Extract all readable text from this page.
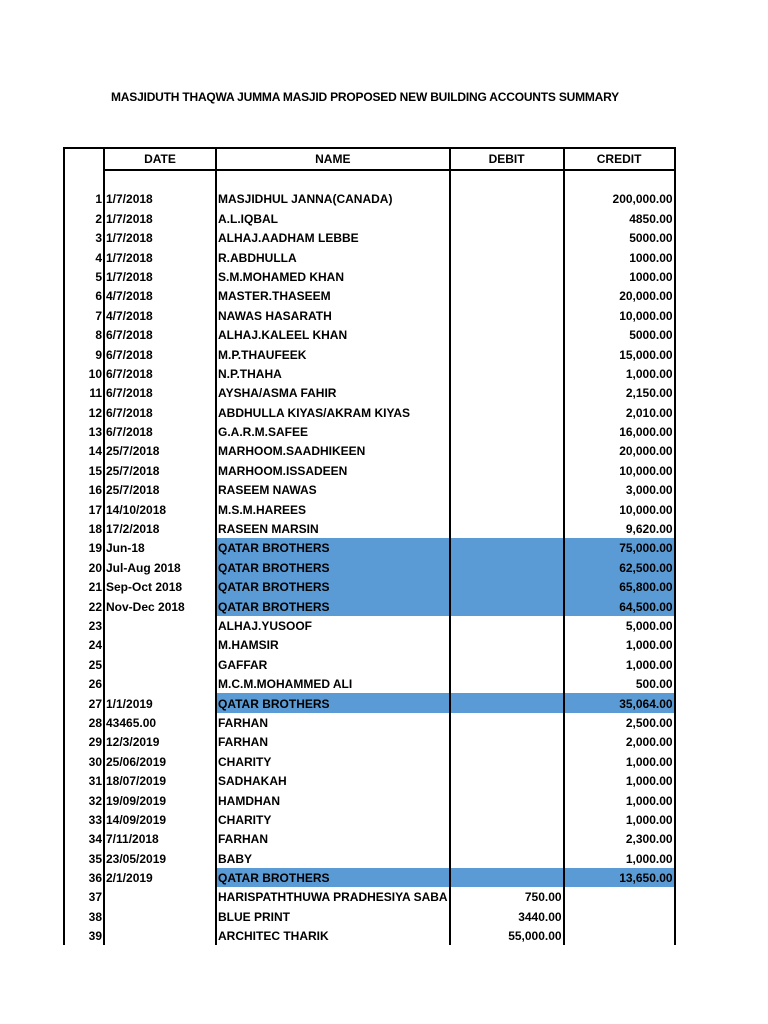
MASJIDUTH THAQWA JUMMA MASJID PROPOSED NEW BUILDING ACCOUNTS SUMMARY
	DATE	NAME	DEBIT	CREDIT

1	1/7/2018	MASJIDHUL JANNA(CANADA)		200,000.00
2	1/7/2018	A.L.IQBAL		4850.00
3	1/7/2018	ALHAJ.AADHAM LEBBE		5000.00
4	1/7/2018	R.ABDHULLA		1000.00
5	1/7/2018	S.M.MOHAMED KHAN		1000.00
6	4/7/2018	MASTER.THASEEM		20,000.00
7	4/7/2018	NAWAS HASARATH		10,000.00
8	6/7/2018	ALHAJ.KALEEL KHAN		5000.00
9	6/7/2018	M.P.THAUFEEK		15,000.00
10	6/7/2018	N.P.THAHA		1,000.00
11	6/7/2018	AYSHA/ASMA FAHIR		2,150.00
12	6/7/2018	ABDHULLA KIYAS/AKRAM KIYAS		2,010.00
13	6/7/2018	G.A.R.M.SAFEE		16,000.00
14	25/7/2018	MARHOOM.SAADHIKEEN		20,000.00
15	25/7/2018	MARHOOM.ISSADEEN		10,000.00
16	25/7/2018	RASEEM NAWAS		3,000.00
17	14/10/2018	M.S.M.HAREES		10,000.00
18	17/2/2018	RASEEN MARSIN		9,620.00
19	Jun-18	QATAR BROTHERS		75,000.00
20	Jul-Aug 2018	QATAR BROTHERS		62,500.00
21	Sep-Oct 2018	QATAR BROTHERS		65,800.00
22	Nov-Dec 2018	QATAR BROTHERS		64,500.00
23		ALHAJ.YUSOOF		5,000.00
24		M.HAMSIR		1,000.00
25		GAFFAR		1,000.00
26		M.C.M.MOHAMMED ALI		500.00
27	1/1/2019	QATAR BROTHERS		35,064.00
28	43465.00	FARHAN		2,500.00
29	12/3/2019	FARHAN		2,000.00
30	25/06/2019	CHARITY		1,000.00
31	18/07/2019	SADHAKAH		1,000.00
32	19/09/2019	HAMDHAN		1,000.00
33	14/09/2019	CHARITY		1,000.00
34	7/11/2018	FARHAN		2,300.00
35	23/05/2019	BABY		1,000.00
36	2/1/2019	QATAR BROTHERS		13,650.00
37		HARISPATHTHUWA PRADHESIYA SABA	750.00	
38		BLUE PRINT	3440.00	
39		ARCHITEC THARIK	55,000.00	
